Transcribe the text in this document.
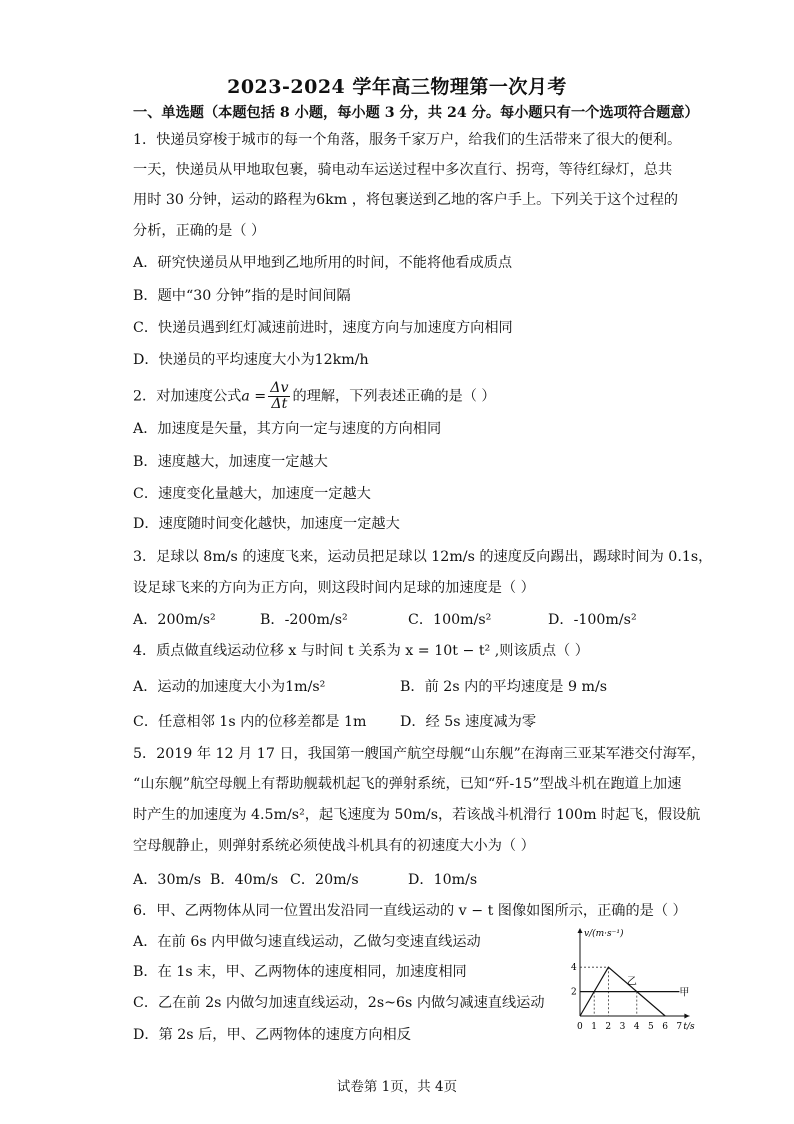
2023-2024 学年高三物理第一次月考
一、单选题（本题包括 8 小题，每小题 3 分，共 24 分。每小题只有一个选项符合题意）
1．快递员穿梭于城市的每一个角落，服务千家万户，给我们的生活带来了很大的便利。
一天，快递员从甲地取包裹，骑电动车运送过程中多次直行、拐弯，等待红绿灯，总共
用时 30 分钟，运动的路程为6km ，将包裹送到乙地的客户手上。下列关于这个过程的
分析，正确的是（ ）
A．研究快递员从甲地到乙地所用的时间，不能将他看成质点
B．题中“30 分钟”指的是时间间隔
C．快递员遇到红灯减速前进时，速度方向与加速度方向相同
D．快递员的平均速度大小为12km/h
2．对加速度公式$a = \frac{\Delta v}{\Delta t}$ 的理解，下列表述正确的是（ ）
A．加速度是矢量，其方向一定与速度的方向相同
B．速度越大，加速度一定越大
C．速度变化量越大，加速度一定越大
D．速度随时间变化越快，加速度一定越大
3．足球以 8m/s 的速度飞来，运动员把足球以 12m/s 的速度反向踢出，踢球时间为 0.1s，
设足球飞来的方向为正方向，则这段时间内足球的加速度是（ ）
A．200m/s²	B．-200m/s²	C．100m/s²	D．-100m/s²
4．质点做直线运动位移 x 与时间 t 关系为 x = 10t − t² ,则该质点（ ）
A．运动的加速度大小为1m/s²	B．前 2s 内的平均速度是 9 m/s
C．任意相邻 1s 内的位移差都是 1m D．经 5s 速度减为零
5．2019 年 12 月 17 日，我国第一艘国产航空母舰“山东舰”在海南三亚某军港交付海军，
“山东舰”航空母舰上有帮助舰载机起飞的弹射系统，已知“歼-15”型战斗机在跑道上加速
时产生的加速度为 4.5m/s²，起飞速度为 50m/s，若该战斗机滑行 100m 时起飞，假设航
空母舰静止，则弹射系统必须使战斗机具有的初速度大小为（ ）
A．30m/s B．40m/s C．20m/s	D．10m/s
6．甲、乙两物体从同一位置出发沿同一直线运动的 v − t 图像如图所示，正确的是（ ）
A．在前 6s 内甲做匀速直线运动，乙做匀变速直线运动
B．在 1s 末，甲、乙两物体的速度相同，加速度相同
C．乙在前 2s 内做匀加速直线运动，2s~6s 内做匀减速直线运动
D．第 2s 后，甲、乙两物体的速度方向相反
v/(m·s⁻¹)
t/s
0 1 2 3 4 5 6 7
2
4
乙
甲
试卷第 1页，共 4页
